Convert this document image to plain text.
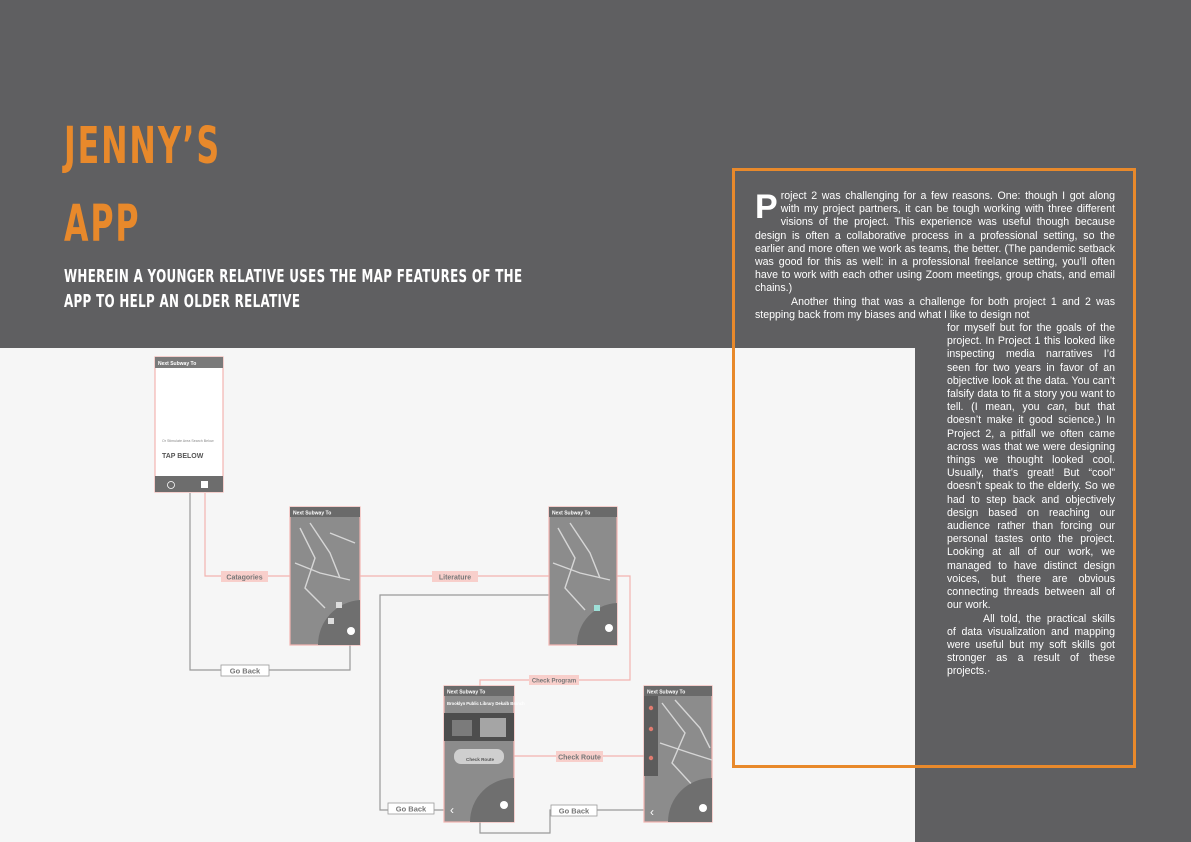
JENNY’S
APP

WHEREIN A YOUNGER RELATIVE USES THE MAP FEATURES OF THE APP TO HELP AN OLDER RELATIVE

Next Subway To
Or Stimulate Area Search Below
TAP BELOW
Next Subway To	Next Subway To
Next Subway To
Brooklyn Public Library Dekalb Branch
Check Route
‹
Next Subway To
‹
Catagories	Literature
Go Back
Check Program
Check Route
Go Back	Go Back

Project 2 was challenging for a few reasons. One: though I got along with my project partners, it can be tough working with three different visions of the project. This experience was useful though because design is often a collaborative process in a professional setting, so the earlier and more often we work as teams, the better. (The pandemic setback was good for this as well: in a professional freelance setting, you’ll often have to work with each other using Zoom meetings, group chats, and email chains.)

Another thing that was a challenge for both project 1 and 2 was stepping back from my biases and what I like to design not

for myself but for the goals of the project. In Project 1 this looked like inspecting media narratives I’d seen for two years in favor of an objective look at the data. You can’t falsify data to fit a story you want to tell. (I mean, you can, but that doesn’t make it good science.) In Project 2, a pitfall we often came across was that we were designing things we thought looked cool. Usually, that’s great! But “cool” doesn’t speak to the elderly. So we had to step back and objectively design based on reaching our audience rather than forcing our personal tastes onto the project. Looking at all of our work, we managed to have distinct design voices, but there are obvious connecting threads between all of our work.

All told, the practical skills of data visualization and mapping were useful but my soft skills got stronger as a result of these projects.·
